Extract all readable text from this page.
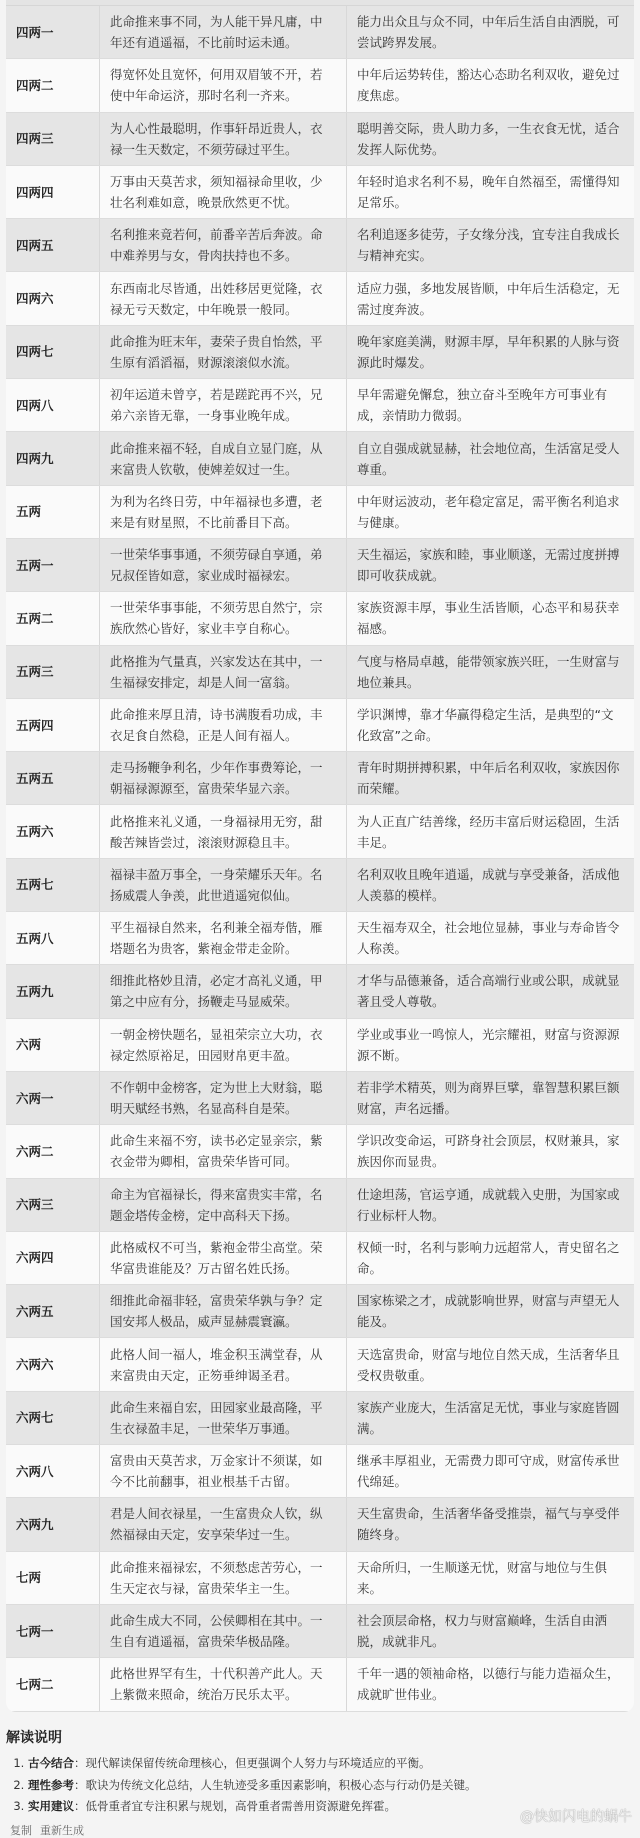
四两一
此命推来事不同，为人能干异凡庸，中年还有逍遥福，不比前时运未通。
能力出众且与众不同，中年后生活自由洒脱，可尝试跨界发展。
四两二
得宽怀处且宽怀，何用双眉皱不开，若使中年命运济，那时名利一齐来。
中年后运势转佳，豁达心态助名利双收，避免过度焦虑。
四两三
为人心性最聪明，作事轩昂近贵人，衣禄一生天数定，不须劳碌过平生。
聪明善交际，贵人助力多，一生衣食无忧，适合发挥人际优势。
四两四
万事由天莫苦求，须知福禄命里收，少壮名利难如意，晚景欣然更不忧。
年轻时追求名利不易，晚年自然福至，需懂得知足常乐。
四两五
名利推来竟若何，前番辛苦后奔波。命中难养男与女，骨肉扶持也不多。
名利追逐多徒劳，子女缘分浅，宜专注自我成长与精神充实。
四两六
东西南北尽皆通，出姓移居更觉隆，衣禄无亏天数定，中年晚景一般同。
适应力强，多地发展皆顺，中年后生活稳定，无需过度奔波。
四两七
此命推为旺末年，妻荣子贵自怡然，平生原有滔滔福，财源滚滚似水流。
晚年家庭美满，财源丰厚，早年积累的人脉与资源此时爆发。
四两八
初年运道未曾亨，若是蹉跎再不兴，兄弟六亲皆无靠，一身事业晚年成。
早年需避免懈怠，独立奋斗至晚年方可事业有成，亲情助力微弱。
四两九
此命推来福不轻，自成自立显门庭，从来富贵人钦敬，使婢差奴过一生。
自立自强成就显赫，社会地位高，生活富足受人尊重。
五两
为利为名终日劳，中年福禄也多遭，老来是有财星照，不比前番目下高。
中年财运波动，老年稳定富足，需平衡名利追求与健康。
五两一
一世荣华事事通，不须劳碌自享通，弟兄叔侄皆如意，家业成时福禄宏。
天生福运，家族和睦，事业顺遂，无需过度拼搏即可收获成就。
五两二
一世荣华事事能，不须劳思自然宁，宗族欣然心皆好，家业丰亨自称心。
家族资源丰厚，事业生活皆顺，心态平和易获幸福感。
五两三
此格推为气量真，兴家发达在其中，一生福禄安排定，却是人间一富翁。
气度与格局卓越，能带领家族兴旺，一生财富与地位兼具。
五两四
此命推来厚且清，诗书满腹看功成，丰衣足食自然稳，正是人间有福人。
学识渊博，靠才华赢得稳定生活，是典型的“文化致富”之命。
五两五
走马扬鞭争利名，少年作事费筹论，一朝福禄源源至，富贵荣华显六亲。
青年时期拼搏积累，中年后名利双收，家族因你而荣耀。
五两六
此格推来礼义通，一身福禄用无穷，甜酸苦辣皆尝过，滚滚财源稳且丰。
为人正直广结善缘，经历丰富后财运稳固，生活丰足。
五两七
福禄丰盈万事全，一身荣耀乐天年。名扬威震人争羡，此世逍遥宛似仙。
名利双收且晚年逍遥，成就与享受兼备，活成他人羡慕的模样。
五两八
平生福禄自然来，名利兼全福寿偕，雁塔题名为贵客，紫袍金带走金阶。
天生福寿双全，社会地位显赫，事业与寿命皆令人称羡。
五两九
细推此格妙且清，必定才高礼义通，甲第之中应有分，扬鞭走马显威荣。
才华与品德兼备，适合高端行业或公职，成就显著且受人尊敬。
六两
一朝金榜快题名，显祖荣宗立大功，衣禄定然原裕足，田园财帛更丰盈。
学业或事业一鸣惊人，光宗耀祖，财富与资源源源不断。
六两一
不作朝中金榜客，定为世上大财翁，聪明天赋经书熟，名显高科自是荣。
若非学术精英，则为商界巨擘，靠智慧积累巨额财富，声名远播。
六两二
此命生来福不穷，读书必定显亲宗，紫衣金带为卿相，富贵荣华皆可同。
学识改变命运，可跻身社会顶层，权财兼具，家族因你而显贵。
六两三
命主为官福禄长，得来富贵实丰常，名题金塔传金榜，定中高科天下扬。
仕途坦荡，官运亨通，成就载入史册，为国家或行业标杆人物。
六两四
此格威权不可当，紫袍金带尘高堂。荣华富贵谁能及？万古留名姓氏扬。
权倾一时，名利与影响力远超常人，青史留名之命。
六两五
细推此命福非轻，富贵荣华孰与争？定国安邦人极品，威声显赫震寰瀛。
国家栋梁之才，成就影响世界，财富与声望无人能及。
六两六
此格人间一福人，堆金积玉满堂春，从来富贵由天定，正笏垂绅谒圣君。
天选富贵命，财富与地位自然天成，生活奢华且受权贵敬重。
六两七
此命生来福自宏，田园家业最高隆，平生衣禄盈丰足，一世荣华万事通。
家族产业庞大，生活富足无忧，事业与家庭皆圆满。
六两八
富贵由天莫苦求，万金家计不须谋，如今不比前翻事，祖业根基千古留。
继承丰厚祖业，无需费力即可守成，财富传承世代绵延。
六两九
君是人间衣禄星，一生富贵众人钦，纵然福禄由天定，安享荣华过一生。
天生富贵命，生活奢华备受推崇，福气与享受伴随终身。
七两
此命推来福禄宏，不须愁虑苦劳心，一生天定衣与禄，富贵荣华主一生。
天命所归，一生顺遂无忧，财富与地位与生俱来。
七两一
此命生成大不同，公侯卿相在其中。一生自有逍遥福，富贵荣华极品隆。
社会顶层命格，权力与财富巅峰，生活自由洒脱，成就非凡。
七两二
此格世界罕有生，十代积善产此人。天上紫微来照命，统治万民乐太平。
千年一遇的领袖命格，以德行与能力造福众生，成就旷世伟业。
解读说明
1. 古今结合：现代解读保留传统命理核心，但更强调个人努力与环境适应的平衡。
2. 理性参考：歌诀为传统文化总结，人生轨迹受多重因素影响，积极心态与行动仍是关键。
3. 实用建议：低骨重者宜专注积累与规划，高骨重者需善用资源避免挥霍。
@快如闪电的蜗牛
复制 重新生成
